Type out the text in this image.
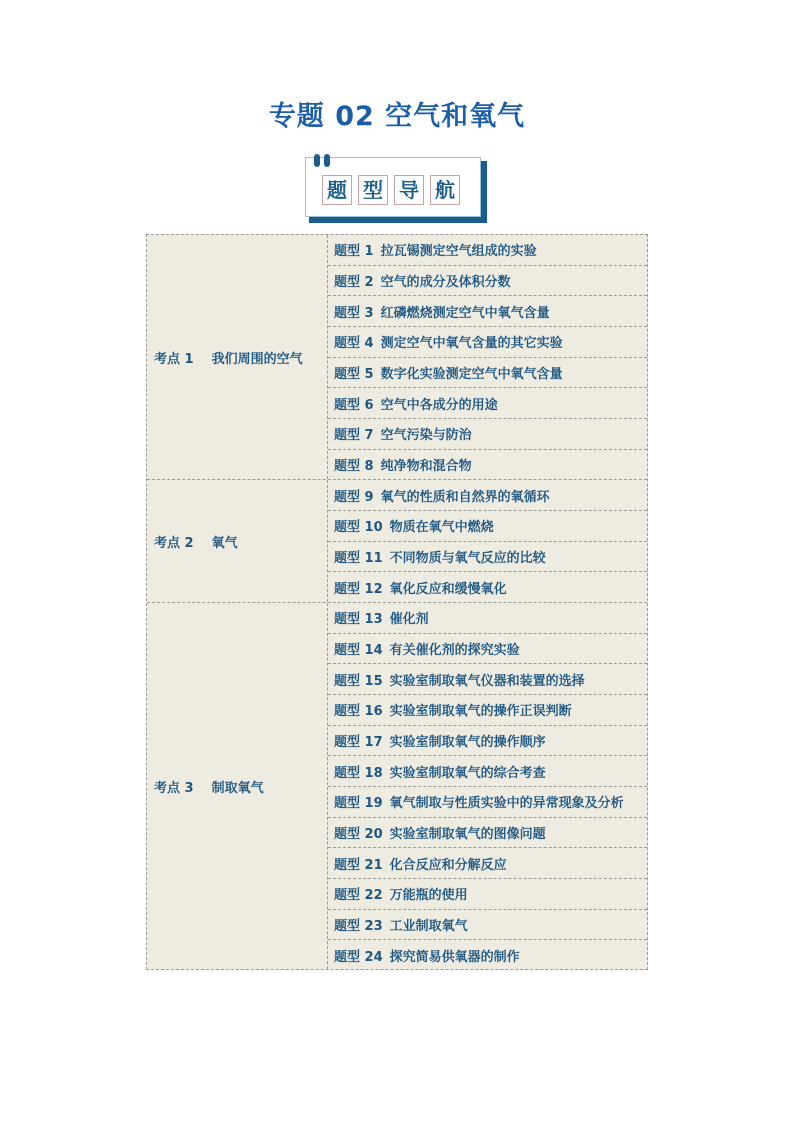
专题 02 空气和氧气
题 型 导 航
考点 1    我们周围的空气
题型 1 拉瓦锡测定空气组成的实验
题型 2 空气的成分及体积分数
题型 3 红磷燃烧测定空气中氧气含量
题型 4 测定空气中氧气含量的其它实验
题型 5 数字化实验测定空气中氧气含量
题型 6 空气中各成分的用途
题型 7 空气污染与防治
题型 8 纯净物和混合物
考点 2    氧气
题型 9 氧气的性质和自然界的氧循环
题型 10 物质在氧气中燃烧
题型 11 不同物质与氧气反应的比较
题型 12 氧化反应和缓慢氧化
考点 3    制取氧气
题型 13 催化剂
题型 14 有关催化剂的探究实验
题型 15 实验室制取氧气仪器和装置的选择
题型 16 实验室制取氧气的操作正误判断
题型 17 实验室制取氧气的操作顺序
题型 18 实验室制取氧气的综合考查
题型 19 氧气制取与性质实验中的异常现象及分析
题型 20 实验室制取氧气的图像问题
题型 21 化合反应和分解反应
题型 22 万能瓶的使用
题型 23 工业制取氧气
题型 24 探究简易供氧器的制作
